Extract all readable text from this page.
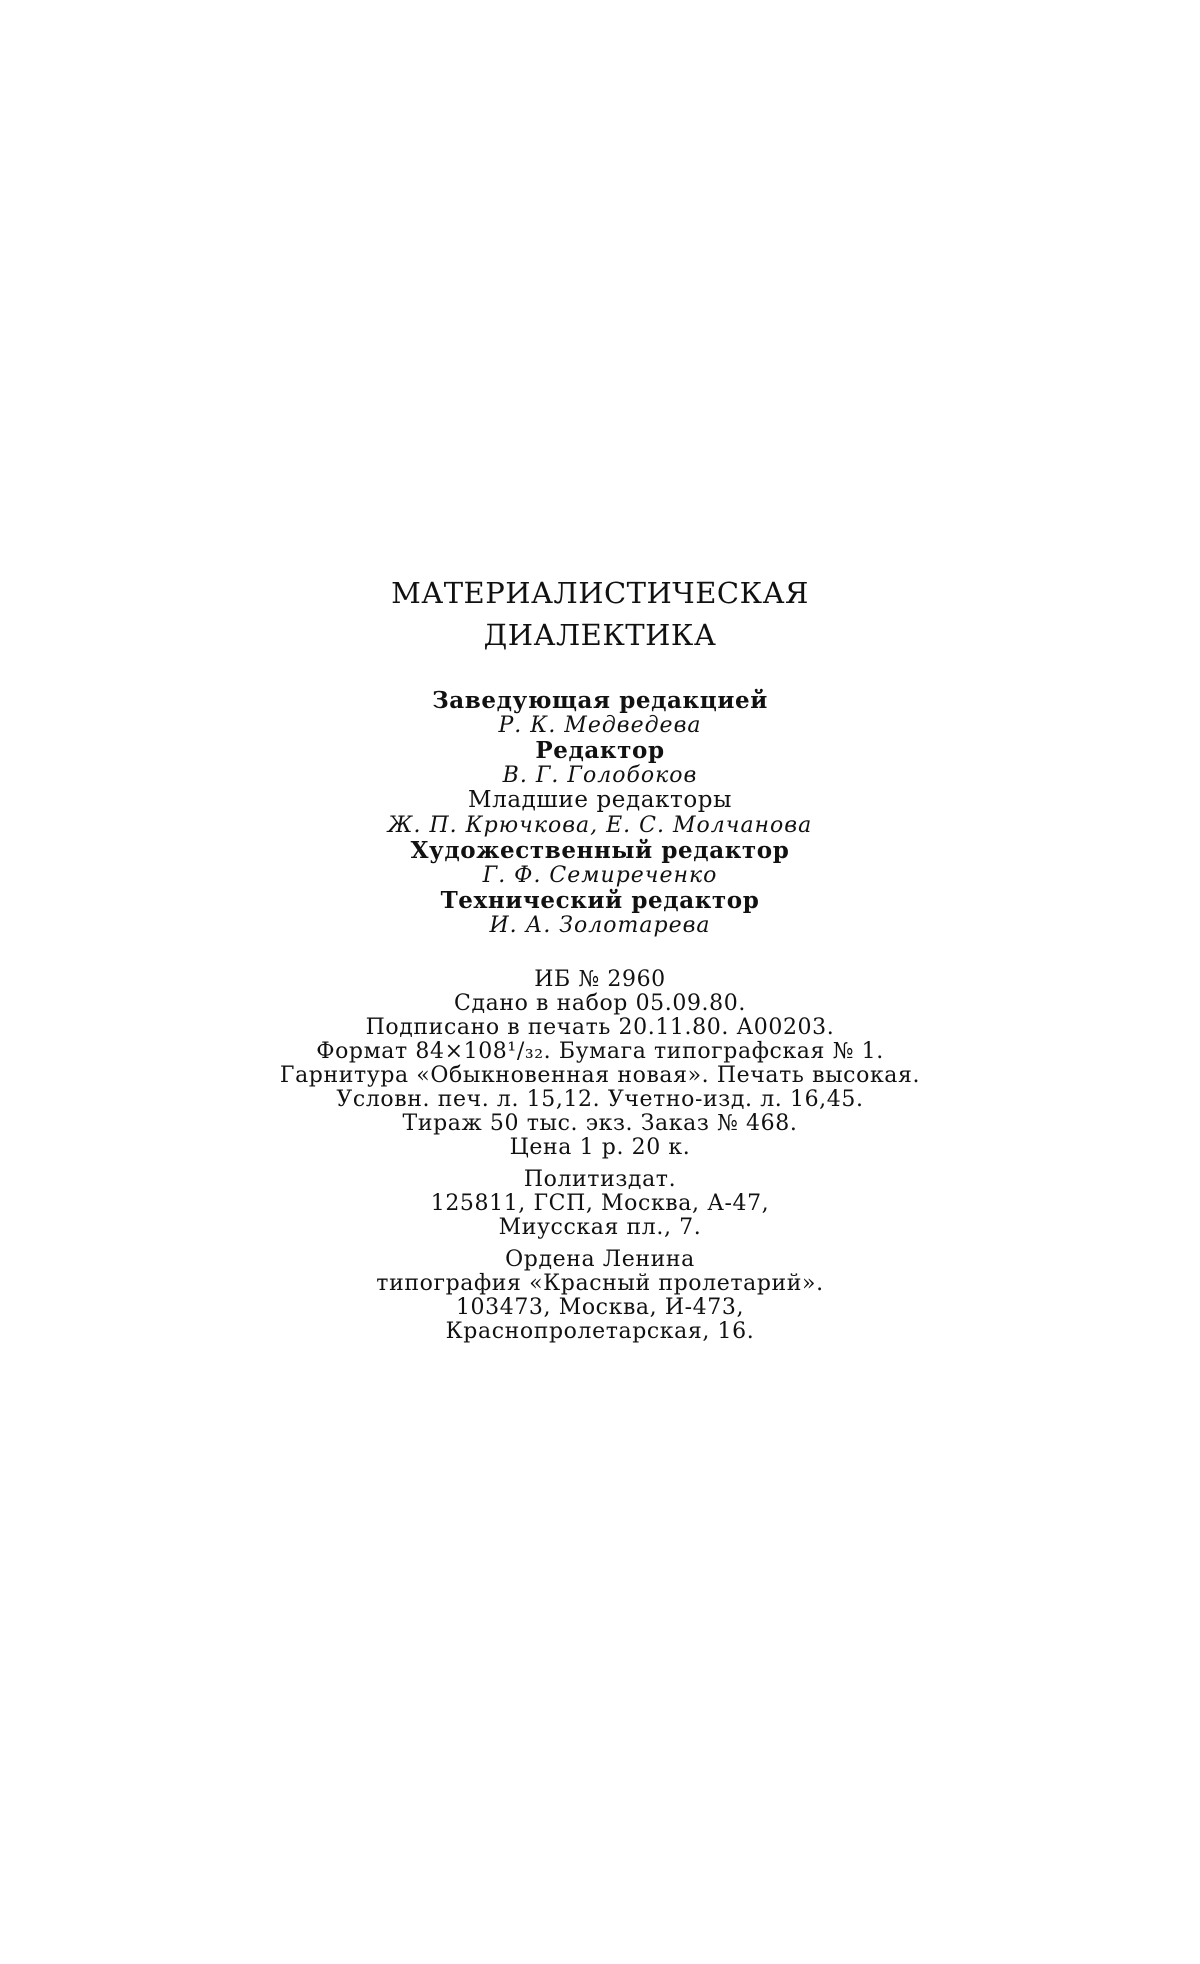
МАТЕРИАЛИСТИЧЕСКАЯ
ДИАЛЕКТИКА
Заведующая редакцией
Р. К. Медведева
Редактор
В. Г. Голобоков
Младшие редакторы
Ж. П. Крючкова, Е. С. Молчанова
Художественный редактор
Г. Ф. Семиреченко
Технический редактор
И. А. Золотарева
ИБ № 2960
Сдано в набор 05.09.80.
Подписано в печать 20.11.80. А00203.
Формат 84×108¹/₃₂. Бумага типографская № 1.
Гарнитура «Обыкновенная новая». Печать высокая.
Условн. печ. л. 15,12. Учетно-изд. л. 16,45.
Тираж 50 тыс. экз. Заказ № 468.
Цена 1 р. 20 к.
Политиздат.
125811, ГСП, Москва, А-47,
Миусская пл., 7.
Ордена Ленина
типография «Красный пролетарий».
103473, Москва, И-473,
Краснопролетарская, 16.
